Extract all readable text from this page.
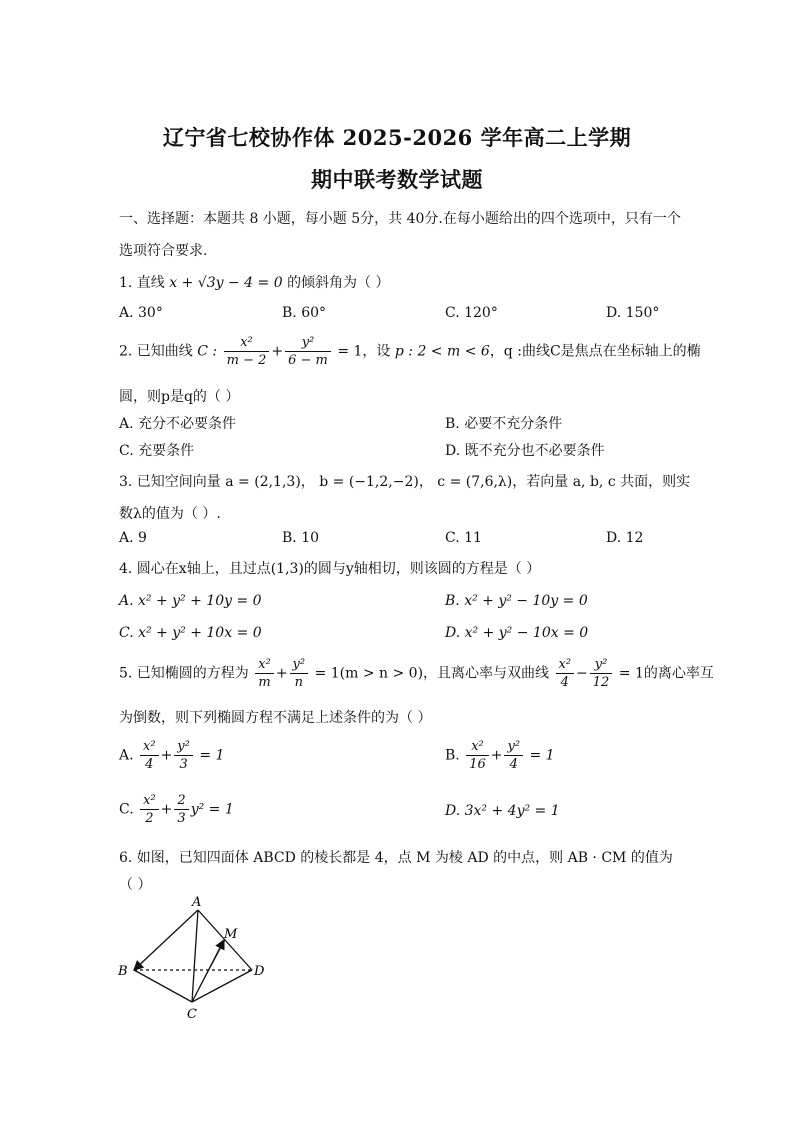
辽宁省七校协作体 2025-2026 学年高二上学期
期中联考数学试题
一、选择题：本题共 8 小题，每小题 5分，共 40分.在每小题给出的四个选项中，只有一个
选项符合要求.
1. 直线 x + √3y − 4 = 0 的倾斜角为（ ）
A. 30°	B. 60°	C. 120°	D. 150°
2. 已知曲线 C : $\frac{\text{x²}}{m - 2} + \frac{\text{y²}}{6 - m} = 1$，设 p : 2 < m < 6，q :曲线C是焦点在坐标轴上的椭
圆，则p是q的（ ）
A. 充分不必要条件	B. 必要不充分条件
C. 充要条件	D. 既不充分也不必要条件
3. 已知空间向量 a = (2,1,3)， b = (−1,2,−2)， c = (7,6,λ)，若向量 a, b, c 共面，则实
数λ的值为（ ）.
A. 9	B. 10	C. 11	D. 12
4. 圆心在x轴上，且过点(1,3)的圆与y轴相切，则该圆的方程是（ ）
A. x² + y² + 10y = 0	B. x² + y² − 10y = 0
C. x² + y² + 10x = 0	D. x² + y² − 10x = 0
5. 已知椭圆的方程为 $\frac{\text{x²}}{m} + \frac{\text{y²}}{n} = 1(m > n > 0)$，且离心率与双曲线 $\frac{\text{x²}}{4} - \frac{\text{y²}}{12} = 1$的离心率互
为倒数，则下列椭圆方程不满足上述条件的为（ ）
A. $\frac{\text{x²}}{4} + \frac{\text{y²}}{3} = 1$	B. $\frac{\text{x²}}{16} + \frac{\text{y²}}{4} = 1$
C. $\frac{\text{x²}}{2} + \frac{2}{3} y^2 = 1$	D. 3x² + 4y² = 1
6. 如图，已知四面体 ABCD 的棱长都是 4，点 M 为棱 AD 的中点，则 AB · CM 的值为
（ ）
A
B
C
D
M
